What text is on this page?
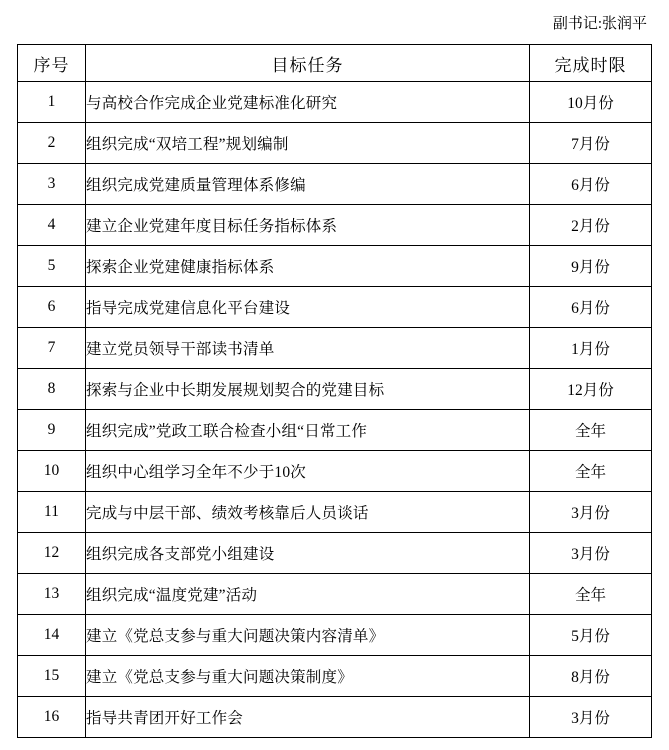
副书记:张润平
序号	目标任务	完成时限
1	与高校合作完成企业党建标准化研究	10月份
2	组织完成“双培工程”规划编制	7月份
3	组织完成党建质量管理体系修编	6月份
4	建立企业党建年度目标任务指标体系	2月份
5	探索企业党建健康指标体系	9月份
6	指导完成党建信息化平台建设	6月份
7	建立党员领导干部读书清单	1月份
8	探索与企业中长期发展规划契合的党建目标	12月份
9	组织完成”党政工联合检查小组“日常工作	全年
10	组织中心组学习全年不少于10次	全年
11	完成与中层干部、绩效考核靠后人员谈话	3月份
12	组织完成各支部党小组建设	3月份
13	组织完成“温度党建”活动	全年
14	建立《党总支参与重大问题决策内容清单》	5月份
15	建立《党总支参与重大问题决策制度》	8月份
16	指导共青团开好工作会	3月份
